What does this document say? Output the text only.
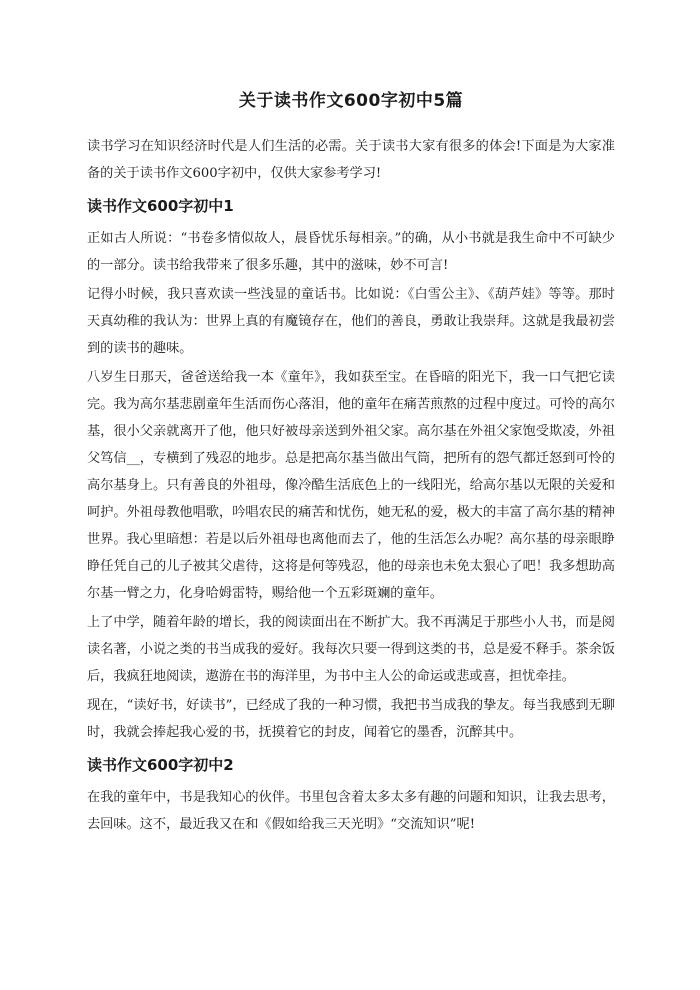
关于读书作文600字初中5篇

读书学习在知识经济时代是人们生活的必需。关于读书大家有很多的体会!下面是为大家准备的关于读书作文600字初中，仅供大家参考学习!

读书作文600字初中1

正如古人所说：“书卷多情似故人，晨昏忧乐每相亲。”的确，从小书就是我生命中不可缺少的一部分。读书给我带来了很多乐趣，其中的滋味，妙不可言!

记得小时候，我只喜欢读一些浅显的童话书。比如说：《白雪公主》、《葫芦娃》等等。那时天真幼稚的我认为：世界上真的有魔镜存在，他们的善良，勇敢让我崇拜。这就是我最初尝到的读书的趣味。

八岁生日那天，爸爸送给我一本《童年》，我如获至宝。在昏暗的阳光下，我一口气把它读完。我为高尔基悲剧童年生活而伤心落泪，他的童年在痛苦煎熬的过程中度过。可怜的高尔基，很小父亲就离开了他，他只好被母亲送到外祖父家。高尔基在外祖父家饱受欺凌，外祖父笃信__，专横到了残忍的地步。总是把高尔基当做出气筒，把所有的怨气都迁怒到可怜的高尔基身上。只有善良的外祖母，像冷酷生活底色上的一线阳光，给高尔基以无限的关爱和呵护。外祖母教他唱歌，吟唱农民的痛苦和忧伤，她无私的爱，极大的丰富了高尔基的精神世界。我心里暗想：若是以后外祖母也离他而去了，他的生活怎么办呢？高尔基的母亲眼睁睁任凭自己的儿子被其父虐待，这将是何等残忍，他的母亲也未免太狠心了吧！我多想助高尔基一臂之力，化身哈姆雷特，赐给他一个五彩斑斓的童年。

上了中学，随着年龄的增长，我的阅读面出在不断扩大。我不再满足于那些小人书，而是阅读名著，小说之类的书当成我的爱好。我每次只要一得到这类的书，总是爱不释手。茶余饭后，我疯狂地阅读，遨游在书的海洋里，为书中主人公的命运或悲或喜，担忧牵挂。

现在，“读好书，好读书”，已经成了我的一种习惯，我把书当成我的挚友。每当我感到无聊时，我就会捧起我心爱的书，抚摸着它的封皮，闻着它的墨香，沉醉其中。

读书作文600字初中2

在我的童年中，书是我知心的伙伴。书里包含着太多太多有趣的问题和知识，让我去思考，去回味。这不，最近我又在和《假如给我三天光明》“交流知识”呢!
